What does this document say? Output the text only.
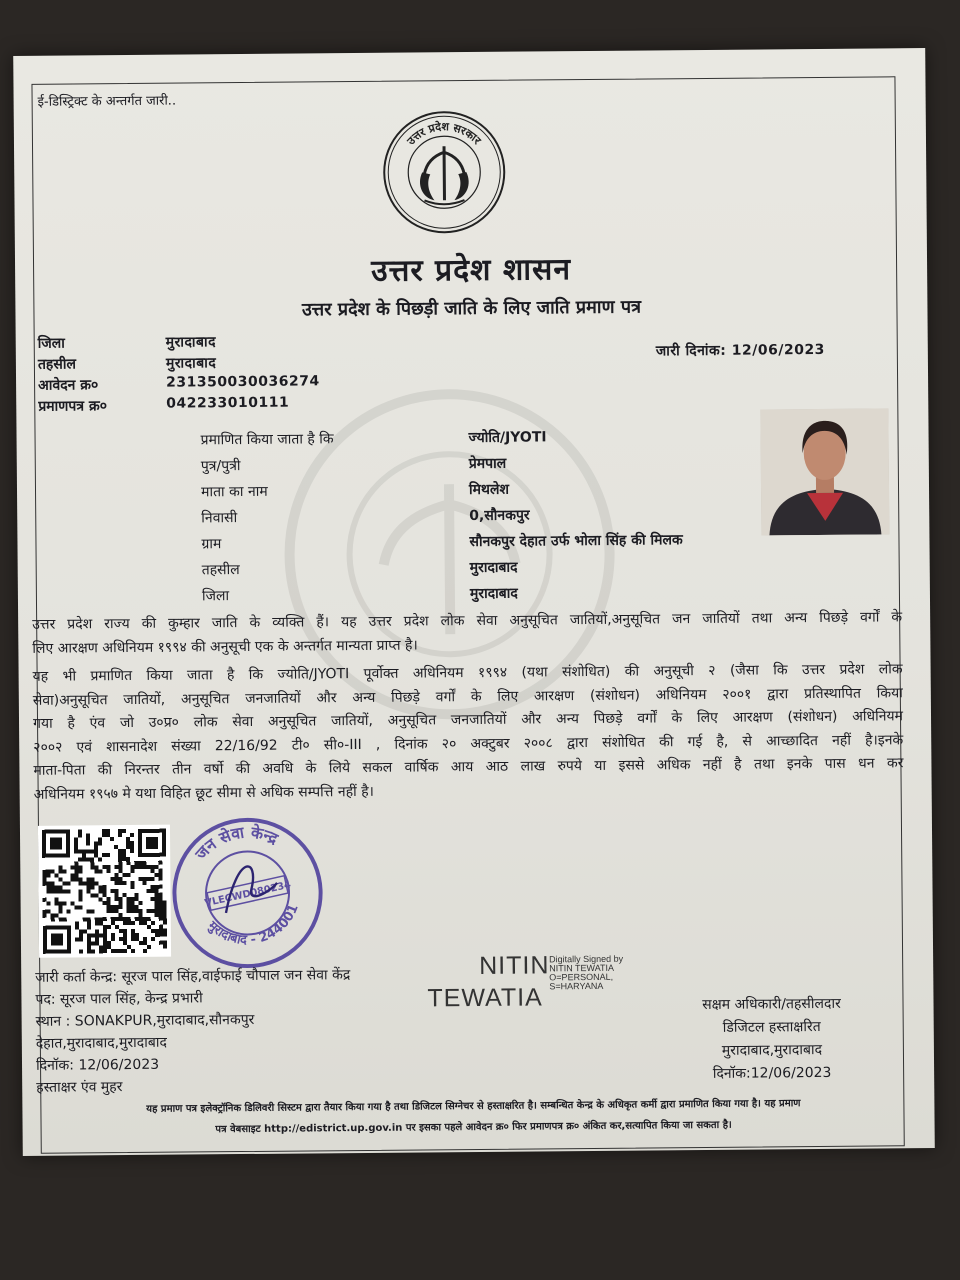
ई-डिस्ट्रिक्ट के अन्तर्गत जारी..
उत्तर प्रदेश सरकार
उत्तर प्रदेश शासन
उत्तर प्रदेश के पिछड़ी जाति के लिए जाति प्रमाण पत्र
जिला	मुरादाबाद
तहसील	मुरादाबाद
आवेदन क्र०	231350030036274
प्रमाणपत्र क्र०	042233010111
जारी दिनांक: 12/06/2023
प्रमाणित किया जाता है कि	ज्योति/JYOTI
पुत्र/पुत्री	प्रेमपाल
माता का नाम	मिथलेश
निवासी	0,सौनकपुर
ग्राम	सौनकपुर देहात उर्फ भोला सिंह की मिलक
तहसील	मुरादाबाद
जिला	मुरादाबाद
उत्तर प्रदेश राज्य की कुम्हार जाति के व्यक्ति हैं। यह उत्तर प्रदेश लोक सेवा अनुसूचित जातियों,अनुसूचित जन जातियों तथा अन्य पिछड़े वर्गों के
लिए आरक्षण अधिनियम १९९४ की अनुसूची एक के अन्तर्गत मान्यता प्राप्त है।
यह भी प्रमाणित किया जाता है कि ज्योति/JYOTI पूर्वोक्त अधिनियम १९९४ (यथा संशोधित) की अनुसूची २ (जैसा कि उत्तर प्रदेश लोक
सेवा)अनुसूचित जातियों, अनुसूचित जनजातियों और अन्य पिछड़े वर्गों के लिए आरक्षण (संशोधन) अधिनियम २००१ द्वारा प्रतिस्थापित किया
गया है एंव जो उ०प्र० लोक सेवा अनुसूचित जातियों, अनुसूचित जनजातियों और अन्य पिछड़े वर्गों के लिए आरक्षण (संशोधन) अधिनियम
२००२ एवं शासनादेश संख्या 22/16/92 टी० सी०-III , दिनांक २० अक्टुबर २००८ द्वारा संशोधित की गई है, से आच्छादित नहीं है।इनके
माता-पिता की निरन्तर तीन वर्षो की अवधि के लिये सकल वार्षिक आय आठ लाख रुपये या इससे अधिक नहीं है तथा इनके पास धन कर
अधिनियम १९५७ मे यथा विहित छूट सीमा से अधिक सम्पत्ति नहीं है।
जन सेवा केन्द्र
मुरादाबाद - 244001
VLECWD080234
जारी कर्ता केन्द्र: सूरज पाल सिंह,वाईफाई चौपाल जन सेवा केंद्र
पद: सूरज पाल सिंह, केन्द्र प्रभारी
स्थान : SONAKPUR,मुरादाबाद,सौनकपुर
देहात,मुरादाबाद,मुरादाबाद
दिनॉक: 12/06/2023
हस्ताक्षर एंव मुहर
NITIN
TEWATIA
Digitally Signed by
NITIN TEWATIA
O=PERSONAL,
S=HARYANA
सक्षम अधिकारी/तहसीलदार
डिजिटल हस्ताक्षरित
मुरादाबाद,मुरादाबाद
दिनॉक:12/06/2023
यह प्रमाण पत्र इलेक्ट्रॉनिक डिलिवरी सिस्टम द्वारा तैयार किया गया है तथा डिजिटल सिग्नेचर से हस्ताक्षरित है। सम्बन्धित केन्द्र के अधिकृत कर्मी द्वारा प्रमाणित किया गया है। यह प्रमाण
पत्र वेबसाइट http://edistrict.up.gov.in पर इसका पहले आवेदन क्र० फिर प्रमाणपत्र क्र० अंकित कर,सत्यापित किया जा सकता है।
